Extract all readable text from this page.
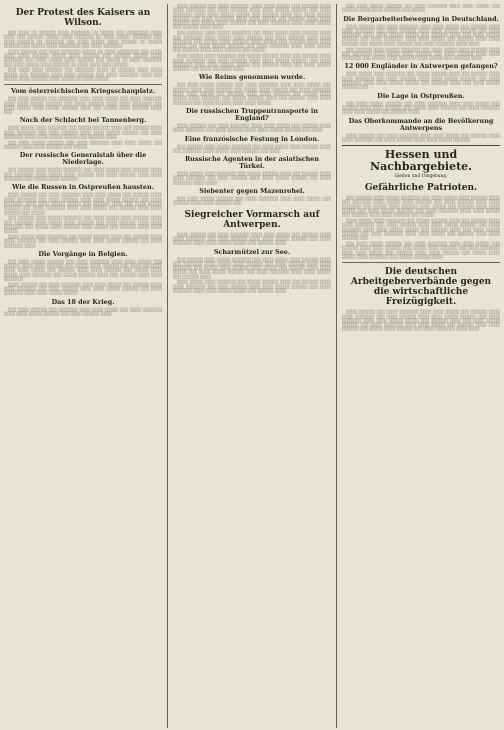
Der Protest des Kaisers an Wilson.

░░░ ░░░░ ░░ ░░░░░░ ░░░░ ░░░░░░░ ░░ ░░░░░ ░░░ ░░░░░░░░ ░░░░ ░░░░ ░░░ ░░░░░░ ░░░░░ ░░░░ ░░░░░░░ ░░ ░░░░ ░░░░░ ░░░░░░░ ░░░ ░░░░ ░░░░░░ ░░ ░░░░░░░ ░░░ ░░░░ ░░░░░ ░░░░ ░░░░░░ ░░ ░░░░░ ░░░░░░ ░░░ ░░░░░ ░░░░ ░░░░░░░░ ░░░ ░░░░ ░░░░░░░

░░░░ ░░░░░░ ░░░ ░░░░ ░░░░░░░ ░░░░░ ░░ ░░░░ ░░░░░░░░ ░░░ ░░░░ ░░░░ ░░░░ ░░░░░░ ░░░░░ ░░░░ ░░░░░░ ░░░ ░░░░░░ ░░░░░ ░░░░ ░░░░░░░ ░░░ ░░░░ ░░░░░ ░░░░ ░░░░░░ ░░░ ░░░░░ ░░ ░░░░ ░░░░░░░ ░░░ ░░░░ ░░░░░ ░░░░ ░░░░░░ ░░ ░░░░ ░░░░ ░░░░ ░░░░░

░░░ ░░░░ ░░░░ ░░░░░░ ░░░ ░░░░░░░ ░░░░ ░░ ░░░░░░ ░░░░ ░░░░ ░░░░░ ░░░ ░░░░░░░ ░░░░ ░░░░ ░░░░░░ ░░░ ░░░░ ░░░░░░░ ░░░░ ░░░ ░░░░░ ░░░░ ░░░░░░ ░░░░ ░░░░░ ░░ ░░░░ ░░░░░

Vom österreichischen Kriegsschauplatz.

░░░ ░░░░ ░░░░░░ ░░░ ░░░░░░░ ░░░░ ░░░░ ░░░░░ ░░░ ░░░░ ░░░░░░░ ░░░░ ░░░░ ░░░░░ ░░░░░░ ░░░ ░░░░ ░░░░░░ ░░░░ ░░░░ ░░░░░░░ ░░░ ░░░░ ░░░░░ ░░░░ ░░░░░ ░░░░░░ ░░░░ ░░░ ░░░░░ ░░░░ ░░░░░░ ░░░░ ░░░

Nach der Schlacht bei Tannenberg.

░░░░ ░░░░░ ░░░░ ░░░░░░░ ░░░ ░░░░░ ░░░░░░ ░░░░ ░░░ ░░░░░░ ░░░░ ░░░░ ░░░░░░░ ░░░ ░░░░ ░░░░░░ ░░░░ ░░░░ ░░░░░ ░░░░░░ ░░░ ░░░░ ░░░░░░░ ░░░░ ░░░░ ░░░░░ ░░░░░ ░░░ ░░░░░░ ░░░░

░░░ ░░░░ ░░░░░ ░░░░░░ ░░░ ░░░░ ░░░░░░░ ░░░░ ░░░░ ░░░░░ ░░░ ░░░░░░ ░░░░ ░░░░ ░░░░░░ ░░░ ░░░░░

Der russische Generalstab über die Niederlage.

░░░ ░░░░░░ ░░░░ ░░░░░ ░░░░░░░ ░░░ ░░░░ ░░░░░ ░░░░ ░░░░░░ ░░░░ ░░░ ░░░░░░░ ░░░░ ░░░░░ ░░░░ ░░░░░░ ░░░ ░░░░ ░░░░░░ ░░░░ ░░░░ ░░░░░░░ ░░░ ░░░░░ ░░░░ ░░░░░░

Wie die Russen in Ostpreußen hausten.

░░░░ ░░░░░░ ░░░ ░░░░ ░░░░░░░ ░░░░ ░░░░ ░░░░░ ░░░ ░░░░░░ ░░░░ ░░░░ ░░░░░░░ ░░░ ░░░░ ░░░░░░ ░░░░ ░░░░ ░░░░░ ░░░░░░ ░░░ ░░░░ ░░░░░░░ ░░░░ ░░░░ ░░░░░ ░░░░░ ░░░ ░░░░░░ ░░░░ ░░░ ░░░░ ░░░░░ ░░░░░░ ░░░ ░░░░ ░░░░░░░ ░░░░ ░░░░ ░░░░░ ░░░ ░░░░░░ ░░░░ ░░░░ ░░░░░░ ░░░ ░░░░░

░░░ ░░░░░░ ░░░░ ░░░░░ ░░░░░░░ ░░░ ░░░░ ░░░░░ ░░░░ ░░░░░░ ░░░░ ░░░ ░░░░░░░ ░░░░ ░░░░░ ░░░░ ░░░░░░ ░░░ ░░░░ ░░░░░░ ░░░░ ░░░░ ░░░░░░░ ░░░ ░░░░░ ░░░░ ░░░░░░ ░░░░ ░░░░░ ░░░ ░░░░░░ ░░░░ ░░░░ ░░░░░

░░░░ ░░░░░ ░░░░ ░░░░░░░ ░░░ ░░░░░ ░░░░░░ ░░░░ ░░░ ░░░░░░ ░░░░ ░░░░ ░░░░░░░ ░░░ ░░░░ ░░░░░░ ░░░░ ░░░░ ░░░░░ ░░░░░░ ░░░ ░░░░ ░░░░░░░ ░░░░

Die Vorgänge in Belgien.

░░░ ░░░░ ░░░░░ ░░░░░░ ░░░ ░░░░ ░░░░░░░ ░░░░ ░░░░ ░░░░░ ░░░ ░░░░░░ ░░░░ ░░░░ ░░░░░░ ░░░ ░░░░░ ░░░░ ░░░░░░ ░░░ ░░░░ ░░░░░░░ ░░░░ ░░░░ ░░░░░ ░░░ ░░░░░░ ░░░░ ░░░░ ░░░░░░ ░░░ ░░░░░ ░░░░ ░░░░░ ░░░░ ░░░░░░░ ░░░ ░░░░░ ░░░░░░ ░░░░ ░░░ ░░░░░░ ░░░░ ░░░░ ░░░░░░░

░░░░ ░░░░░░ ░░░ ░░░░ ░░░░░░░ ░░░░ ░░░░ ░░░░░ ░░░ ░░░░░░ ░░░░ ░░░░ ░░░░░░░ ░░░ ░░░░ ░░░░░░ ░░░░ ░░░░ ░░░░░ ░░░░░░ ░░░ ░░░░ ░░░░░░░ ░░░░ ░░░░ ░░░░░ ░░░░░

Das 18 der Krieg.

░░░ ░░░░ ░░░░░░ ░░░ ░░░░░░░ ░░░░ ░░░░ ░░░░░ ░░░ ░░░░ ░░░░░░░ ░░░░ ░░░░ ░░░░░ ░░░░░░ ░░░ ░░░░ ░░░░░░ ░░░░

░░░░ ░░░░░░ ░░░ ░░░░ ░░░░░░░ ░░░░ ░░░░ ░░░░░ ░░░ ░░░░░░ ░░░░ ░░░░ ░░░░░░░ ░░░ ░░░░ ░░░░░░ ░░░░ ░░░░ ░░░░░ ░░░░░░ ░░░ ░░░░ ░░░░░░░ ░░░░ ░░░░ ░░░░░ ░░░░░ ░░░ ░░░░░░ ░░░░ ░░░ ░░░░ ░░░░░ ░░░░░░ ░░░ ░░░░ ░░░░░░░ ░░░░ ░░░░ ░░░░░ ░░░ ░░░░░░ ░░░░ ░░░░ ░░░░░░ ░░░ ░░░░░ ░░░░ ░░░░░░ ░░░ ░░░░ ░░░░░░░ ░░░░ ░░░░ ░░░░░ ░░░ ░░░░░░ ░░░░ ░░░░

░░░ ░░░░░░ ░░░░ ░░░░░ ░░░░░░░ ░░░ ░░░░ ░░░░░ ░░░░ ░░░░░░ ░░░░ ░░░ ░░░░░░░ ░░░░ ░░░░░ ░░░░ ░░░░░░ ░░░ ░░░░ ░░░░░░ ░░░░ ░░░░ ░░░░░░░ ░░░ ░░░░░ ░░░░ ░░░░░░ ░░░░ ░░░░░ ░░░ ░░░░░░ ░░░░ ░░░░ ░░░░░ ░░░ ░░░░ ░░░░░ ░░░░░░ ░░░ ░░░░ ░░░░░░░ ░░░░ ░░░░ ░░░░░ ░░░ ░░░░░░ ░░░░ ░░░░ ░░░░░░ ░░░ ░░░░░

░░░░ ░░░░░ ░░░░ ░░░░░░░ ░░░ ░░░░░ ░░░░░░ ░░░░ ░░░ ░░░░░░ ░░░░ ░░░░ ░░░░░░░ ░░░ ░░░░ ░░░░░░ ░░░░ ░░░░ ░░░░░ ░░░░░░ ░░░ ░░░░ ░░░░░░░ ░░░░ ░░░░ ░░░░░ ░░░░░ ░░░ ░░░░░░ ░░░░ ░░░ ░░░░ ░░░░░ ░░░░░░ ░░░ ░░░░ ░░░░░░░ ░░░░

Wie Reims genommen wurde.

░░░ ░░░░ ░░░░░ ░░░░░░ ░░░ ░░░░ ░░░░░░░ ░░░░ ░░░░ ░░░░░ ░░░ ░░░░░░ ░░░░ ░░░░ ░░░░░░ ░░░ ░░░░░ ░░░░ ░░░░░░ ░░░ ░░░░ ░░░░░░░ ░░░░ ░░░░ ░░░░░ ░░░ ░░░░░░ ░░░░ ░░░░ ░░░░░░ ░░░ ░░░░░ ░░░░ ░░░░░ ░░░░ ░░░░░░░ ░░░ ░░░░░ ░░░░░░ ░░░░ ░░░ ░░░░░░ ░░░░ ░░░░ ░░░░░░░ ░░░ ░░░░ ░░░░░░ ░░░░ ░░░░ ░░░░░

Die russischen Truppentransporte in England?

░░░░ ░░░░░░ ░░░ ░░░░ ░░░░░░░ ░░░░ ░░░░ ░░░░░ ░░░ ░░░░░░ ░░░░ ░░░░ ░░░░░░░ ░░░ ░░░░ ░░░░░░ ░░░░ ░░░░ ░░░░░ ░░░░░░ ░░░ ░░░░

Eine französische Festung in London.

░░░ ░░░░░░ ░░░░ ░░░░░ ░░░░░░░ ░░░ ░░░░ ░░░░░ ░░░░ ░░░░░░ ░░░░ ░░░ ░░░░░░░ ░░░░ ░░░░░ ░░░░ ░░░░░░ ░░░ ░░░░

Russische Agenten in der asiatischen Türkei.

░░░░ ░░░░░ ░░░░ ░░░░░░░ ░░░ ░░░░░ ░░░░░░ ░░░░ ░░░ ░░░░░░ ░░░░ ░░░░ ░░░░░░░ ░░░ ░░░░ ░░░░░░ ░░░░ ░░░░ ░░░░░ ░░░░░░ ░░░ ░░░░ ░░░░░░░ ░░░░ ░░░░

Siebenter gegen Mazenrohel.

░░░ ░░░░ ░░░░░ ░░░░░░ ░░░ ░░░░ ░░░░░░░ ░░░░ ░░░░ ░░░░░ ░░░ ░░░░░░ ░░░░ ░░░░ ░░░░░░ ░░░

Siegreicher Vormarsch auf Antwerpen.

░░░░ ░░░░░░ ░░░ ░░░░ ░░░░░░░ ░░░░ ░░░░ ░░░░░ ░░░ ░░░░░░ ░░░░ ░░░░ ░░░░░░░ ░░░ ░░░░ ░░░░░░ ░░░░ ░░░░ ░░░░░ ░░░░░░ ░░░ ░░░░ ░░░░░░░ ░░░░ ░░░░ ░░░░░ ░░░░░ ░░░ ░░░░░░ ░░░░

Scharmützel zur See.

░░░ ░░░░░░ ░░░░ ░░░░░ ░░░░░░░ ░░░ ░░░░ ░░░░░ ░░░░ ░░░░░░ ░░░░ ░░░ ░░░░░░░ ░░░░ ░░░░░ ░░░░ ░░░░░░ ░░░ ░░░░ ░░░░░░ ░░░░ ░░░░ ░░░░░░░ ░░░ ░░░░░ ░░░░ ░░░░░░ ░░░░ ░░░░░ ░░░ ░░░░░░ ░░░░ ░░░░ ░░░░░ ░░░ ░░░░ ░░░░░ ░░░░░░ ░░░ ░░░░ ░░░░░░░ ░░░░ ░░░░ ░░░░░ ░░░ ░░░░░░ ░░░░

░░░░ ░░░░░ ░░░░ ░░░░░░░ ░░░ ░░░░░ ░░░░░░ ░░░░ ░░░ ░░░░░░ ░░░░ ░░░░ ░░░░░░░ ░░░ ░░░░ ░░░░░░ ░░░░ ░░░░ ░░░░░ ░░░░░░ ░░░ ░░░░ ░░░░░░░ ░░░░ ░░░░ ░░░░░ ░░░░░ ░░░ ░░░░░░ ░░░░

░░░ ░░░░ ░░░░░ ░░░░░░ ░░░ ░░░░ ░░░░░░░ ░░░░ ░░░░ ░░░░░ ░░░ ░░░░░░ ░░░░ ░░░░ ░░░░░░ ░░░ ░░░░░

Die Bergarbeiterbewegung in Deutschland.

░░░░ ░░░░░░ ░░░ ░░░░ ░░░░░░░ ░░░░ ░░░░ ░░░░░ ░░░ ░░░░░░ ░░░░ ░░░░ ░░░░░░░ ░░░ ░░░░ ░░░░░░ ░░░░ ░░░░ ░░░░░ ░░░░░░ ░░░ ░░░░ ░░░░░░░ ░░░░ ░░░░ ░░░░░ ░░░░░ ░░░ ░░░░░░ ░░░░ ░░░ ░░░░ ░░░░░ ░░░░░░ ░░░ ░░░░ ░░░░░░░ ░░░░ ░░░░ ░░░░░ ░░░ ░░░░░░ ░░░░ ░░░░ ░░░░░░ ░░░ ░░░░░ ░░░░ ░░░░░░ ░░░ ░░░░ ░░░░░░░ ░░░░ ░░░░

░░░ ░░░░░░ ░░░░ ░░░░░ ░░░░░░░ ░░░ ░░░░ ░░░░░ ░░░░ ░░░░░░ ░░░░ ░░░ ░░░░░░░ ░░░░ ░░░░░ ░░░░ ░░░░░░ ░░░ ░░░░ ░░░░░░ ░░░░ ░░░░ ░░░░░░░ ░░░ ░░░░░ ░░░░ ░░░░░░ ░░░░ ░░░░░ ░░░ ░░░░░░ ░░░░

12 000 Engländer in Antwerpen gefangen?

░░░░ ░░░░░ ░░░░ ░░░░░░░ ░░░ ░░░░░ ░░░░░░ ░░░░ ░░░ ░░░░░░ ░░░░ ░░░░ ░░░░░░░ ░░░ ░░░░ ░░░░░░ ░░░░ ░░░░ ░░░░░ ░░░░░░ ░░░ ░░░░ ░░░░░░░ ░░░░ ░░░░ ░░░░░ ░░░░░ ░░░ ░░░░░░ ░░░░ ░░░ ░░░░ ░░░░░ ░░░░░░ ░░░

Die Lage in Ostpreußen.

░░░ ░░░░ ░░░░░ ░░░░░░ ░░░ ░░░░ ░░░░░░░ ░░░░ ░░░░ ░░░░░ ░░░ ░░░░░░ ░░░░ ░░░░ ░░░░░░ ░░░ ░░░░░ ░░░░ ░░░░░░ ░░░ ░░░░ ░░░░░░░ ░░░░ ░░░░ ░░░░░ ░░░ ░░░░░░ ░░░░

Das Oberkommando an die Bevölkerung Antwerpens

░░░░ ░░░░░░ ░░░ ░░░░ ░░░░░░░ ░░░░ ░░░░ ░░░░░ ░░░ ░░░░░░ ░░░░ ░░░░ ░░░░░░░ ░░░ ░░░░ ░░░░░░ ░░░░ ░░░░ ░░░░░ ░░░░░░

Hessen und Nachbargebiete.
Gießen und Umgebung.
Gefährliche Patrioten.

░░░ ░░░░░░ ░░░░ ░░░░░ ░░░░░░░ ░░░ ░░░░ ░░░░░ ░░░░ ░░░░░░ ░░░░ ░░░ ░░░░░░░ ░░░░ ░░░░░ ░░░░ ░░░░░░ ░░░ ░░░░ ░░░░░░ ░░░░ ░░░░ ░░░░░░░ ░░░ ░░░░░ ░░░░ ░░░░░░ ░░░░ ░░░░░ ░░░ ░░░░░░ ░░░░ ░░░░ ░░░░░ ░░░ ░░░░ ░░░░░ ░░░░░░ ░░░ ░░░░ ░░░░░░░ ░░░░ ░░░░ ░░░░░ ░░░ ░░░░░░ ░░░░ ░░░░ ░░░░░░ ░░░ ░░░░░

░░░░ ░░░░░ ░░░░ ░░░░░░░ ░░░ ░░░░░ ░░░░░░ ░░░░ ░░░ ░░░░░░ ░░░░ ░░░░ ░░░░░░░ ░░░ ░░░░ ░░░░░░ ░░░░ ░░░░ ░░░░░ ░░░░░░ ░░░ ░░░░ ░░░░░░░ ░░░░ ░░░░ ░░░░░ ░░░░░ ░░░ ░░░░░░ ░░░░ ░░░ ░░░░ ░░░░░ ░░░░░░ ░░░ ░░░░ ░░░░░░░ ░░░░ ░░░░ ░░░░░ ░░░ ░░░░░░ ░░░░ ░░░░ ░░░░░░ ░░░

░░░ ░░░░ ░░░░░ ░░░░░░ ░░░ ░░░░ ░░░░░░░ ░░░░ ░░░░ ░░░░░ ░░░ ░░░░░░ ░░░░ ░░░░ ░░░░░░ ░░░ ░░░░░ ░░░░ ░░░░░░ ░░░ ░░░░ ░░░░░░░ ░░░░ ░░░░ ░░░░░ ░░░ ░░░░░░ ░░░░ ░░░░ ░░░░░░ ░░░ ░░░░░ ░░░░ ░░░░░ ░░░░ ░░░░░░░ ░░░ ░░░░░ ░░░░░░ ░░░░

Die deutschen Arbeitgeberverbände gegen die wirtschaftliche Freizügigkeit.

░░░░ ░░░░░░ ░░░ ░░░░ ░░░░░░░ ░░░░ ░░░░ ░░░░░ ░░░ ░░░░░░ ░░░░ ░░░░ ░░░░░░░ ░░░ ░░░░ ░░░░░░ ░░░░ ░░░░ ░░░░░ ░░░░░░ ░░░ ░░░░ ░░░░░░░ ░░░░ ░░░░ ░░░░░ ░░░░░ ░░░ ░░░░░░ ░░░░ ░░░ ░░░░ ░░░░░ ░░░░░░ ░░░ ░░░░ ░░░░░░░ ░░░░ ░░░░ ░░░░░ ░░░ ░░░░░░ ░░░░ ░░░░ ░░░░░░ ░░░ ░░░░░ ░░░░ ░░░░░░ ░░░ ░░░░ ░░░░░░░ ░░░░ ░░░░
